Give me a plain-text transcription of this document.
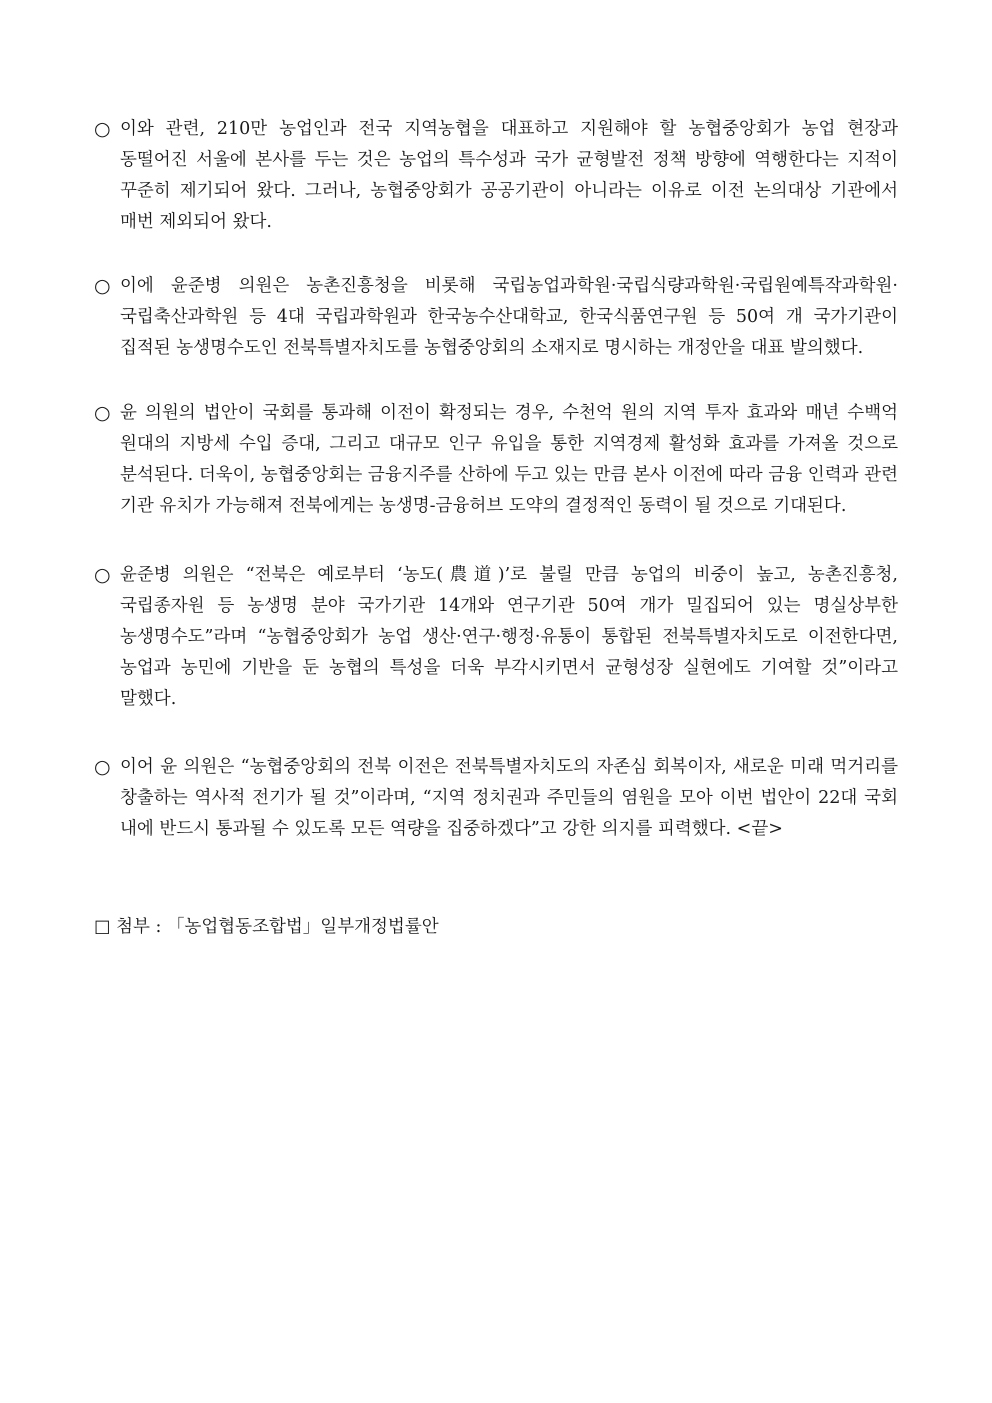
○ 이와 관련, 210만 농업인과 전국 지역농협을 대표하고 지원해야 할 농협중앙회가 농업 현장과 동떨어진 서울에 본사를 두는 것은 농업의 특수성과 국가 균형발전 정책 방향에 역행한다는 지적이 꾸준히 제기되어 왔다. 그러나, 농협중앙회가 공공기관이 아니라는 이유로 이전 논의대상 기관에서 매번 제외되어 왔다.
○ 이에 윤준병 의원은 농촌진흥청을 비롯해 국립농업과학원·국립식량과학원·국립원예특작과학원·국립축산과학원 등 4대 국립과학원과 한국농수산대학교, 한국식품연구원 등 50여 개 국가기관이 집적된 농생명수도인 전북특별자치도를 농협중앙회의 소재지로 명시하는 개정안을 대표 발의했다.
○ 윤 의원의 법안이 국회를 통과해 이전이 확정되는 경우, 수천억 원의 지역 투자 효과와 매년 수백억 원대의 지방세 수입 증대, 그리고 대규모 인구 유입을 통한 지역경제 활성화 효과를 가져올 것으로 분석된다. 더욱이, 농협중앙회는 금융지주를 산하에 두고 있는 만큼 본사 이전에 따라 금융 인력과 관련 기관 유치가 가능해져 전북에게는 농생명-금융허브 도약의 결정적인 동력이 될 것으로 기대된다.
○ 윤준병 의원은 “전북은 예로부터 ‘농도(農道)’로 불릴 만큼 농업의 비중이 높고, 농촌진흥청, 국립종자원 등 농생명 분야 국가기관 14개와 연구기관 50여 개가 밀집되어 있는 명실상부한 농생명수도”라며 “농협중앙회가 농업 생산·연구·행정·유통이 통합된 전북특별자치도로 이전한다면, 농업과 농민에 기반을 둔 농협의 특성을 더욱 부각시키면서 균형성장 실현에도 기여할 것”이라고 말했다.
○ 이어 윤 의원은 “농협중앙회의 전북 이전은 전북특별자치도의 자존심 회복이자, 새로운 미래 먹거리를 창출하는 역사적 전기가 될 것”이라며, “지역 정치권과 주민들의 염원을 모아 이번 법안이 22대 국회 내에 반드시 통과될 수 있도록 모든 역량을 집중하겠다”고 강한 의지를 피력했다. <끝>
□ 첨부 : 「농업협동조합법」일부개정법률안
